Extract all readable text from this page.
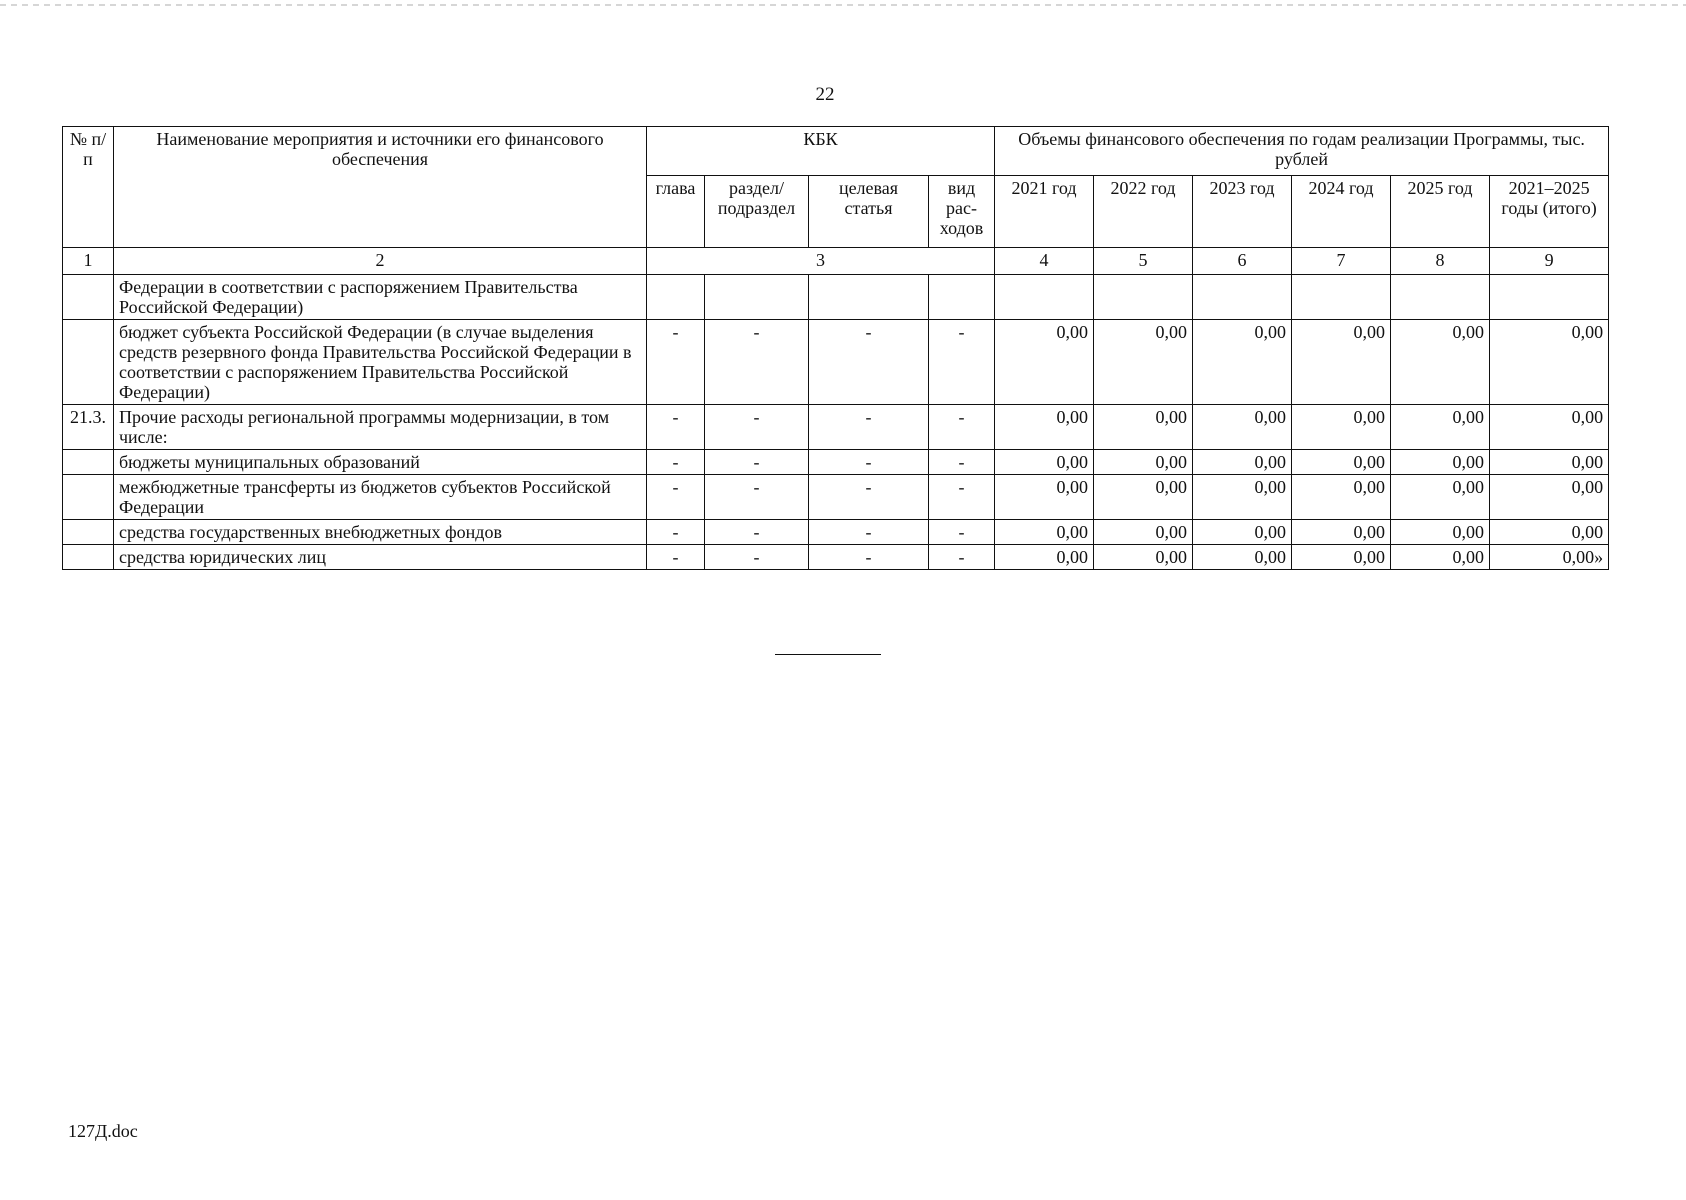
22
№ п/п	Наименование мероприятия и источники его финансового обеспечения	КБК				Объемы финансового обеспечения по годам реализации Программы, тыс. рублей					
		глава	раздел/ подраздел	целевая статья	вид рас-ходов	2021 год	2022 год	2023 год	2024 год	2025 год	2021–2025 годы (итого)
1	2	3				4	5	6	7	8	9
	Федерации в соответствии с распоряжением Правительства Российской Федерации)										
	бюджет субъекта Российской Федерации (в случае выделения средств резервного фонда Правительства Российской Федерации в соответствии с распоряжением Правительства Российской Федерации)	-	-	-	-	0,00	0,00	0,00	0,00	0,00	0,00
21.3.	Прочие расходы региональной программы модернизации, в том числе:	-	-	-	-	0,00	0,00	0,00	0,00	0,00	0,00
	бюджеты муниципальных образований	-	-	-	-	0,00	0,00	0,00	0,00	0,00	0,00
	межбюджетные трансферты из бюджетов субъектов Российской Федерации	-	-	-	-	0,00	0,00	0,00	0,00	0,00	0,00
	средства государственных внебюджетных фондов	-	-	-	-	0,00	0,00	0,00	0,00	0,00	0,00
	средства юридических лиц	-	-	-	-	0,00	0,00	0,00	0,00	0,00	0,00»
127Д.doc
